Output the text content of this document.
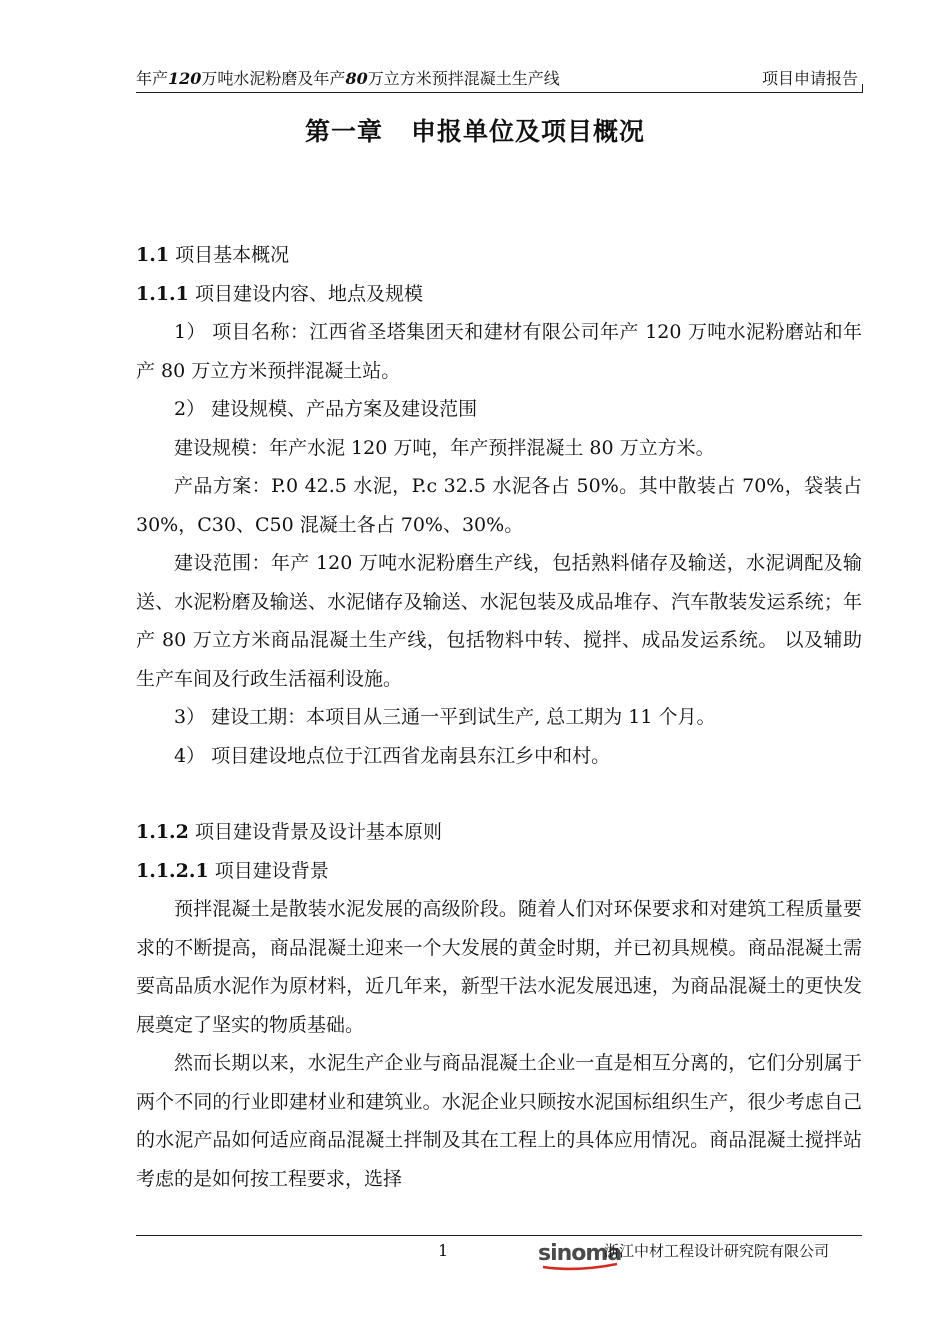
年产120万吨水泥粉磨及年产80万立方米预拌混凝土生产线	项目申请报告
第一章 申报单位及项目概况

1.1 项目基本概况

1.1.1 项目建设内容、地点及规模

1） 项目名称：江西省圣塔集团天和建材有限公司年产 120 万吨水泥粉磨站和年产 80 万立方米预拌混凝土站。

2） 建设规模、产品方案及建设范围

建设规模：年产水泥 120 万吨，年产预拌混凝土 80 万立方米。

产品方案：P.0 42.5 水泥，P.c 32.5 水泥各占 50%。其中散装占 70%，袋装占 30%，C30、C50 混凝土各占 70%、30%。

建设范围：年产 120 万吨水泥粉磨生产线，包括熟料储存及输送，水泥调配及输送、水泥粉磨及输送、水泥储存及输送、水泥包装及成品堆存、汽车散装发运系统；年产 80 万立方米商品混凝土生产线，包括物料中转、搅拌、成品发运系统。 以及辅助生产车间及行政生活福利设施。

3） 建设工期：本项目从三通一平到试生产, 总工期为 11 个月。

4） 项目建设地点位于江西省龙南县东江乡中和村。

1.1.2 项目建设背景及设计基本原则

1.1.2.1 项目建设背景

预拌混凝土是散装水泥发展的高级阶段。随着人们对环保要求和对建筑工程质量要求的不断提高，商品混凝土迎来一个大发展的黄金时期，并已初具规模。商品混凝土需要高品质水泥作为原材料，近几年来，新型干法水泥发展迅速，为商品混凝土的更快发展奠定了坚实的物质基础。

然而长期以来，水泥生产企业与商品混凝土企业一直是相互分离的，它们分别属于两个不同的行业即建材业和建筑业。水泥企业只顾按水泥国标组织生产，很少考虑自己的水泥产品如何适应商品混凝土拌制及其在工程上的具体应用情况。商品混凝土搅拌站考虑的是如何按工程要求，选择

1	sinoma
浙江中材工程设计研究院有限公司
